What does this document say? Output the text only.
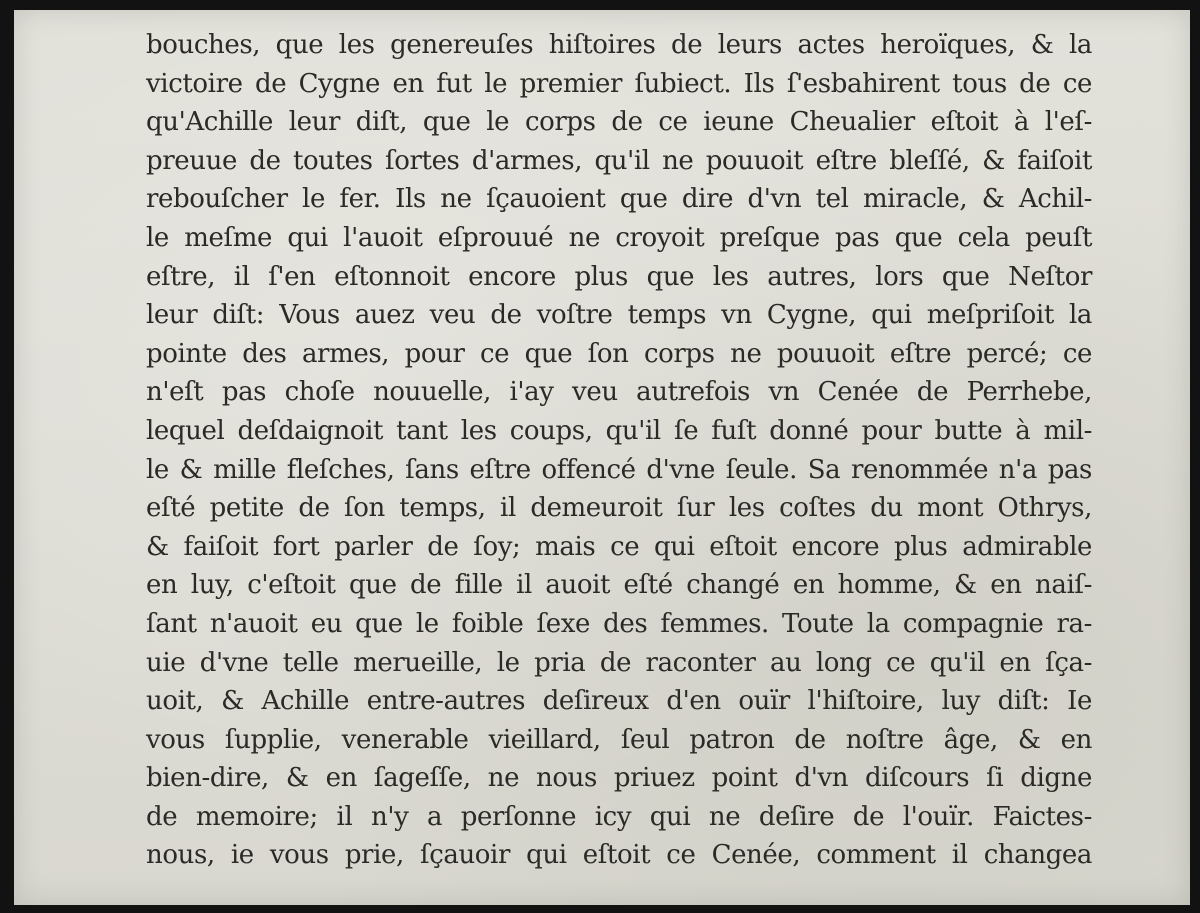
bouches, que les genereuſes hiſtoires de leurs actes heroïques, & la
victoire de Cygne en fut le premier ſubiect. Ils ſ'esbahirent tous de ce
qu'Achille leur diſt, que le corps de ce ieune Cheualier eſtoit à l'eſ-
preuue de toutes ſortes d'armes, qu'il ne pouuoit eſtre bleſſé, & faiſoit
rebouſcher le fer. Ils ne ſçauoient que dire d'vn tel miracle, & Achil-
le meſme qui l'auoit eſprouué ne croyoit preſque pas que cela peuſt
eſtre, il ſ'en eſtonnoit encore plus que les autres, lors que Neſtor
leur diſt: Vous auez veu de voſtre temps vn Cygne, qui meſpriſoit la
pointe des armes, pour ce que ſon corps ne pouuoit eſtre percé; ce
n'eſt pas choſe nouuelle, i'ay veu autrefois vn Cenée de Perrhebe,
lequel deſdaignoit tant les coups, qu'il ſe fuſt donné pour butte à mil-
le & mille fleſches, ſans eſtre offencé d'vne ſeule. Sa renommée n'a pas
eſté petite de ſon temps, il demeuroit ſur les coſtes du mont Othrys,
& faiſoit fort parler de ſoy; mais ce qui eſtoit encore plus admirable
en luy, c'eſtoit que de fille il auoit eſté changé en homme, & en naiſ-
ſant n'auoit eu que le foible ſexe des femmes. Toute la compagnie ra-
uie d'vne telle merueille, le pria de raconter au long ce qu'il en ſça-
uoit, & Achille entre-autres deſireux d'en ouïr l'hiſtoire, luy diſt: Ie
vous ſupplie, venerable vieillard, ſeul patron de noſtre âge, & en
bien-dire, & en ſageſſe, ne nous priuez point d'vn diſcours ſi digne
de memoire; il n'y a perſonne icy qui ne deſire de l'ouïr. Faictes-
nous, ie vous prie, ſçauoir qui eſtoit ce Cenée, comment il changea
